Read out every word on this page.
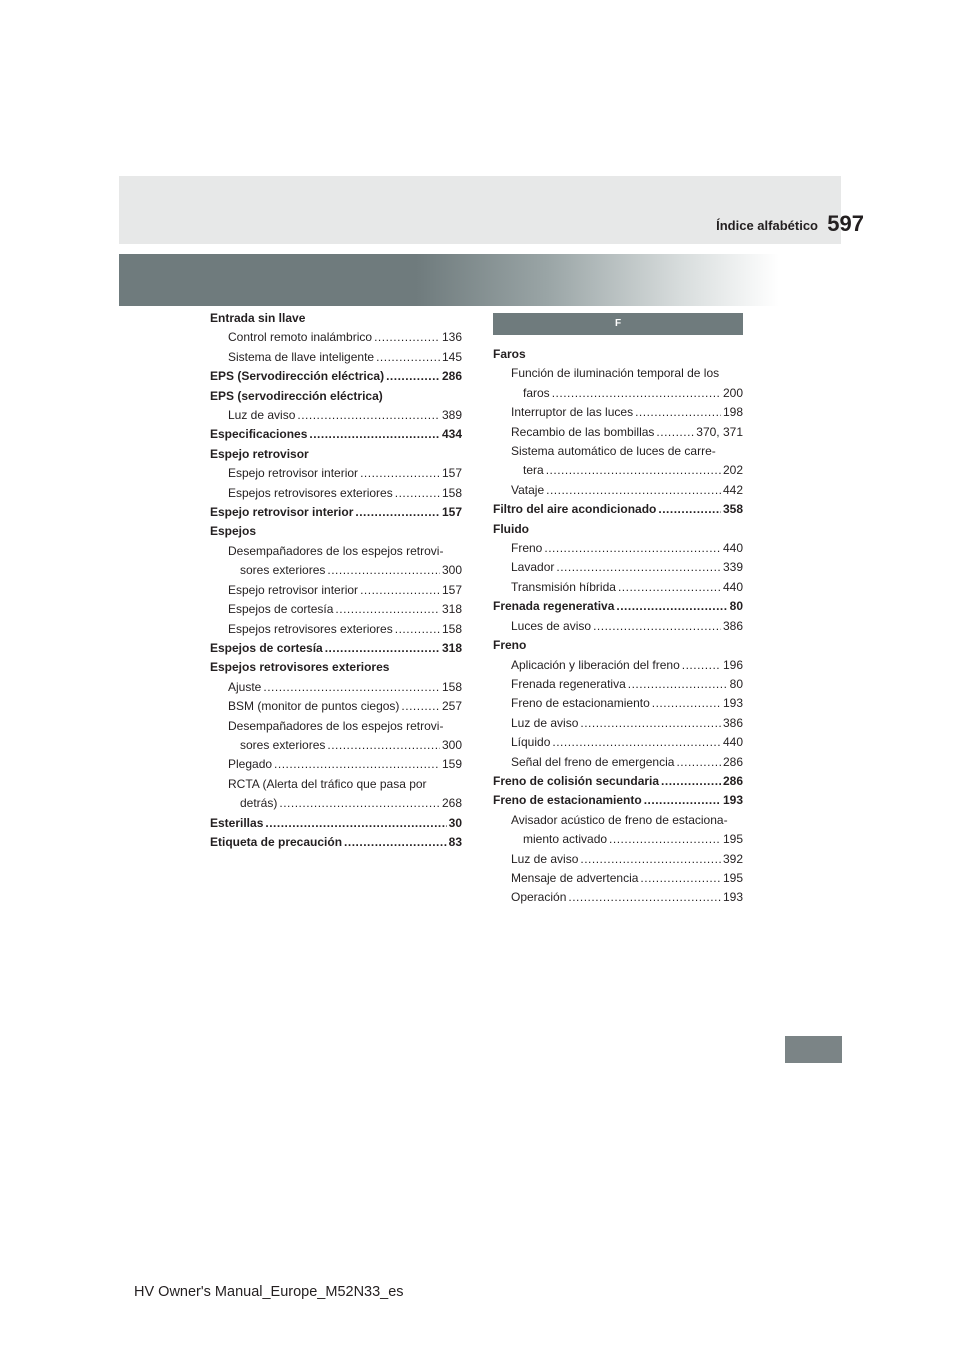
Índice alfabético 597
Entrada sin llave
Control remoto inalámbrico .....	136
Sistema de llave inteligente .....	145
EPS (Servodirección eléctrica) .....	286
EPS (servodirección eléctrica)
Luz de aviso .....	389
Especificaciones .....	434
Espejo retrovisor
Espejo retrovisor interior .....	157
Espejos retrovisores exteriores .....	158
Espejo retrovisor interior .....	157
Espejos
Desempañadores de los espejos retrovi-
sores exteriores .....	300
Espejo retrovisor interior .....	157
Espejos de cortesía .....	318
Espejos retrovisores exteriores .....	158
Espejos de cortesía .....	318
Espejos retrovisores exteriores
Ajuste .....	158
BSM (monitor de puntos ciegos) .....	257
Desempañadores de los espejos retrovi-
sores exteriores .....	300
Plegado .....	159
RCTA (Alerta del tráfico que pasa por
detrás) .....	268
Esterillas .....	30
Etiqueta de precaución .....	83
F
Faros
Función de iluminación temporal de los
faros .....	200
Interruptor de las luces .....	198
Recambio de las bombillas .....	370, 371
Sistema automático de luces de carre-
tera .....	202
Vataje .....	442
Filtro del aire acondicionado .....	358
Fluido
Freno .....	440
Lavador .....	339
Transmisión híbrida .....	440
Frenada regenerativa .....	80
Luces de aviso .....	386
Freno
Aplicación y liberación del freno .....	196
Frenada regenerativa .....	80
Freno de estacionamiento .....	193
Luz de aviso .....	386
Líquido .....	440
Señal del freno de emergencia .....	286
Freno de colisión secundaria .....	286
Freno de estacionamiento .....	193
Avisador acústico de freno de estaciona-
miento activado .....	195
Luz de aviso .....	392
Mensaje de advertencia .....	195
Operación .....	193
HV Owner's Manual_Europe_M52N33_es
